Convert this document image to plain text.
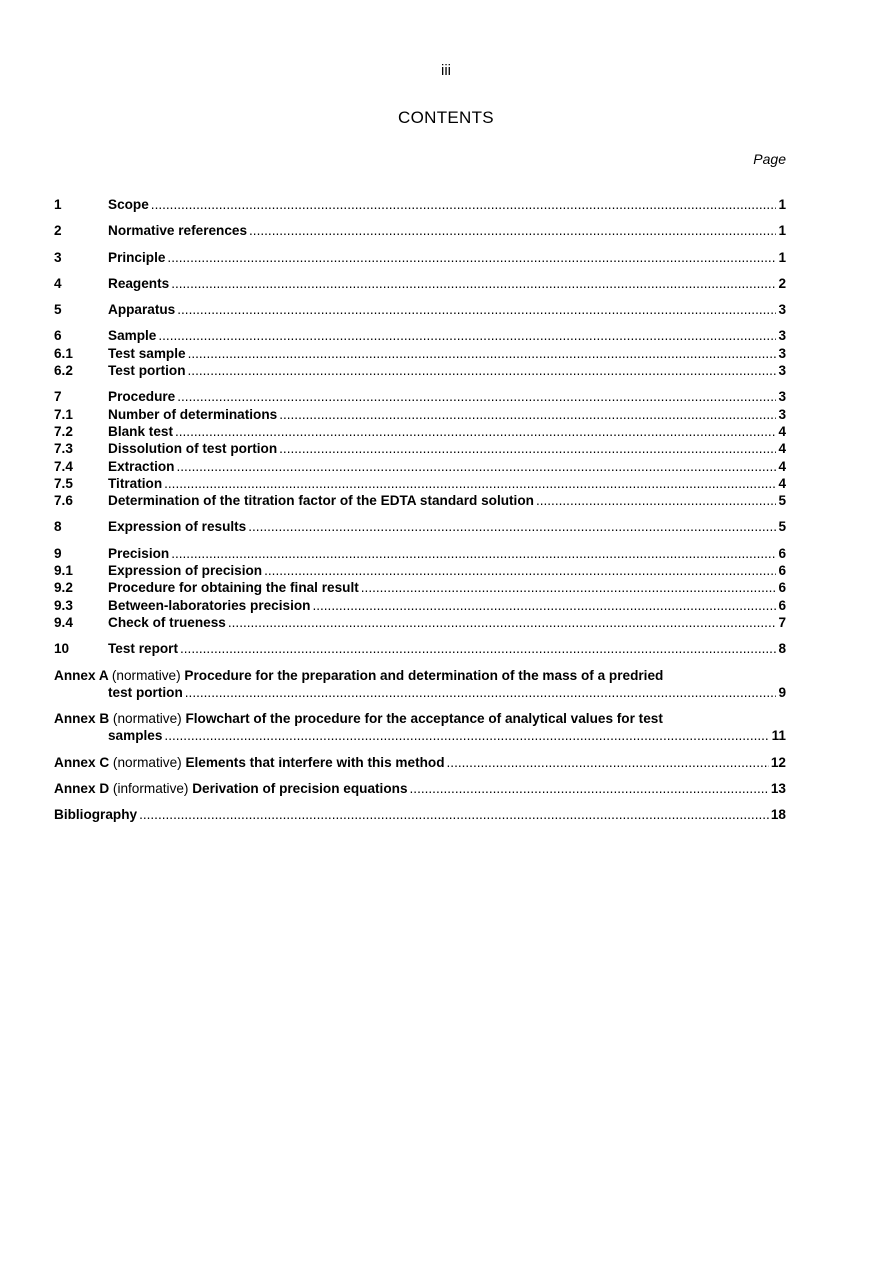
iii
CONTENTS
Page
1	Scope .....	1
2	Normative references .....	1
3	Principle .....	1
4	Reagents .....	2
5	Apparatus .....	3
6	Sample .....	3
6.1	Test sample .....	3
6.2	Test portion .....	3
7	Procedure .....	3
7.1	Number of determinations .....	3
7.2	Blank test .....	4
7.3	Dissolution of test portion .....	4
7.4	Extraction .....	4
7.5	Titration .....	4
7.6	Determination of the titration factor of the EDTA standard solution .....	5
8	Expression of results .....	5
9	Precision .....	6
9.1	Expression of precision .....	6
9.2	Procedure for obtaining the final result .....	6
9.3	Between-laboratories precision .....	6
9.4	Check of trueness .....	7
10	Test report .....	8
Annex A (normative) Procedure for the preparation and determination of the mass of a predried
test portion .....	9
Annex B (normative) Flowchart of the procedure for the acceptance of analytical values for test
samples .....	11
Annex C (normative) Elements that interfere with this method .....	12
Annex D (informative) Derivation of precision equations .....	13
Bibliography .....	18
